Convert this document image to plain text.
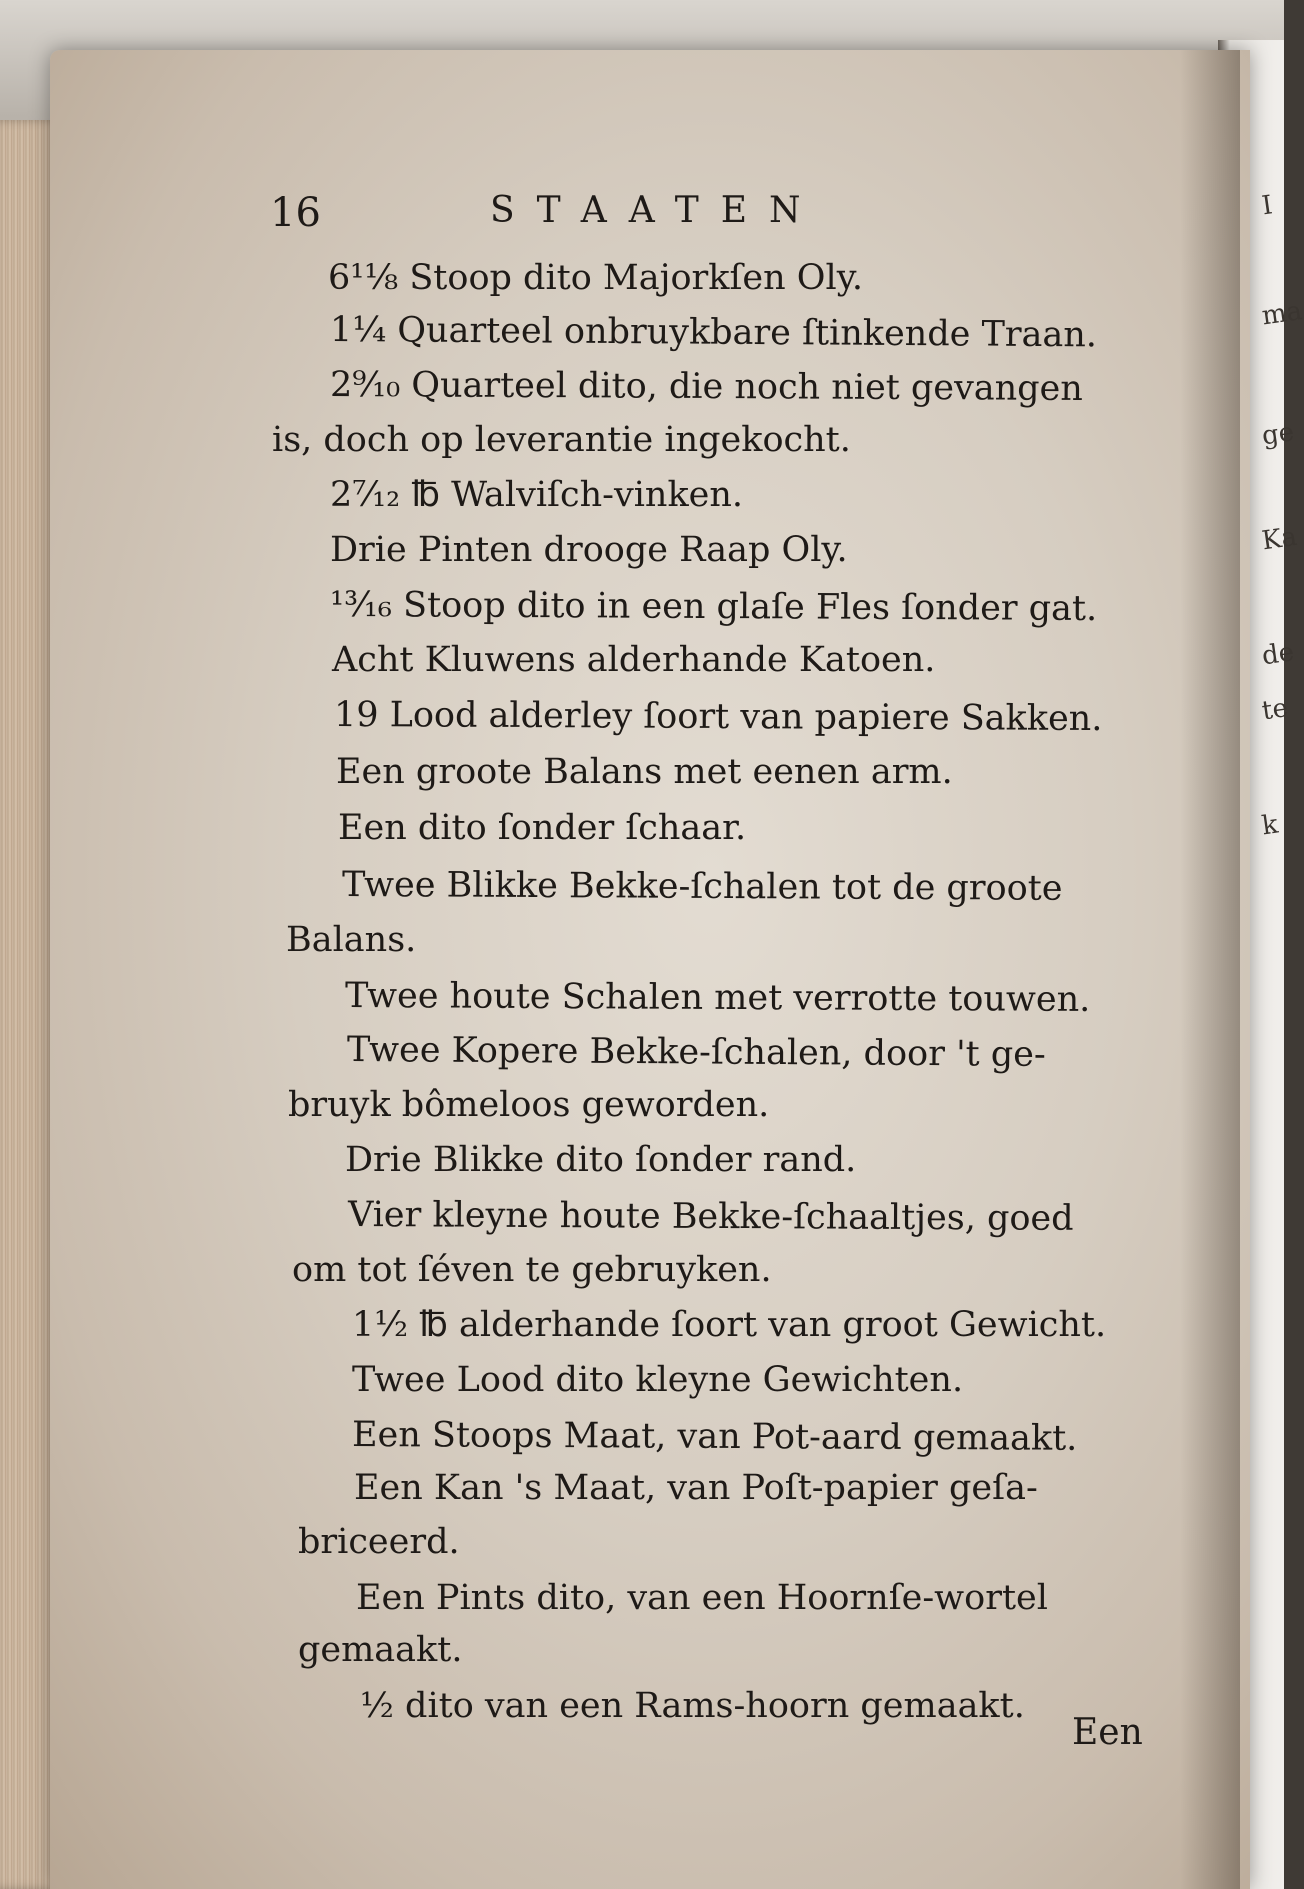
I
ma
ge
Ka
de
te
k
16	STAATEN
6¹¹⁄₈ Stoop dito Majorkſen Oly.
1¼ Quarteel onbruykbare ſtinkende Traan.
2⁹⁄₁₀ Quarteel dito, die noch niet gevangen
is, doch op leverantie ingekocht.
2⁷⁄₁₂ ℔ Walviſch-vinken.
Drie Pinten drooge Raap Oly.
¹³⁄₁₆ Stoop dito in een glaſe Fles ſonder gat.
Acht Kluwens alderhande Katoen.
19 Lood alderley ſoort van papiere Sakken.
Een groote Balans met eenen arm.
Een dito ſonder ſchaar.
Twee Blikke Bekke-ſchalen tot de groote
Balans.
Twee houte Schalen met verrotte touwen.
Twee Kopere Bekke-ſchalen, door 't ge-
bruyk bômeloos geworden.
Drie Blikke dito ſonder rand.
Vier kleyne houte Bekke-ſchaaltjes, goed
om tot ſéven te gebruyken.
1¹⁄₂ ℔ alderhande ſoort van groot Gewicht.
Twee Lood dito kleyne Gewichten.
Een Stoops Maat, van Pot-aard gemaakt.
Een Kan 's Maat, van Poſt-papier geſa-
briceerd.
Een Pints dito, van een Hoornſe-wortel
gemaakt.
½ dito van een Rams-hoorn gemaakt.
Een
